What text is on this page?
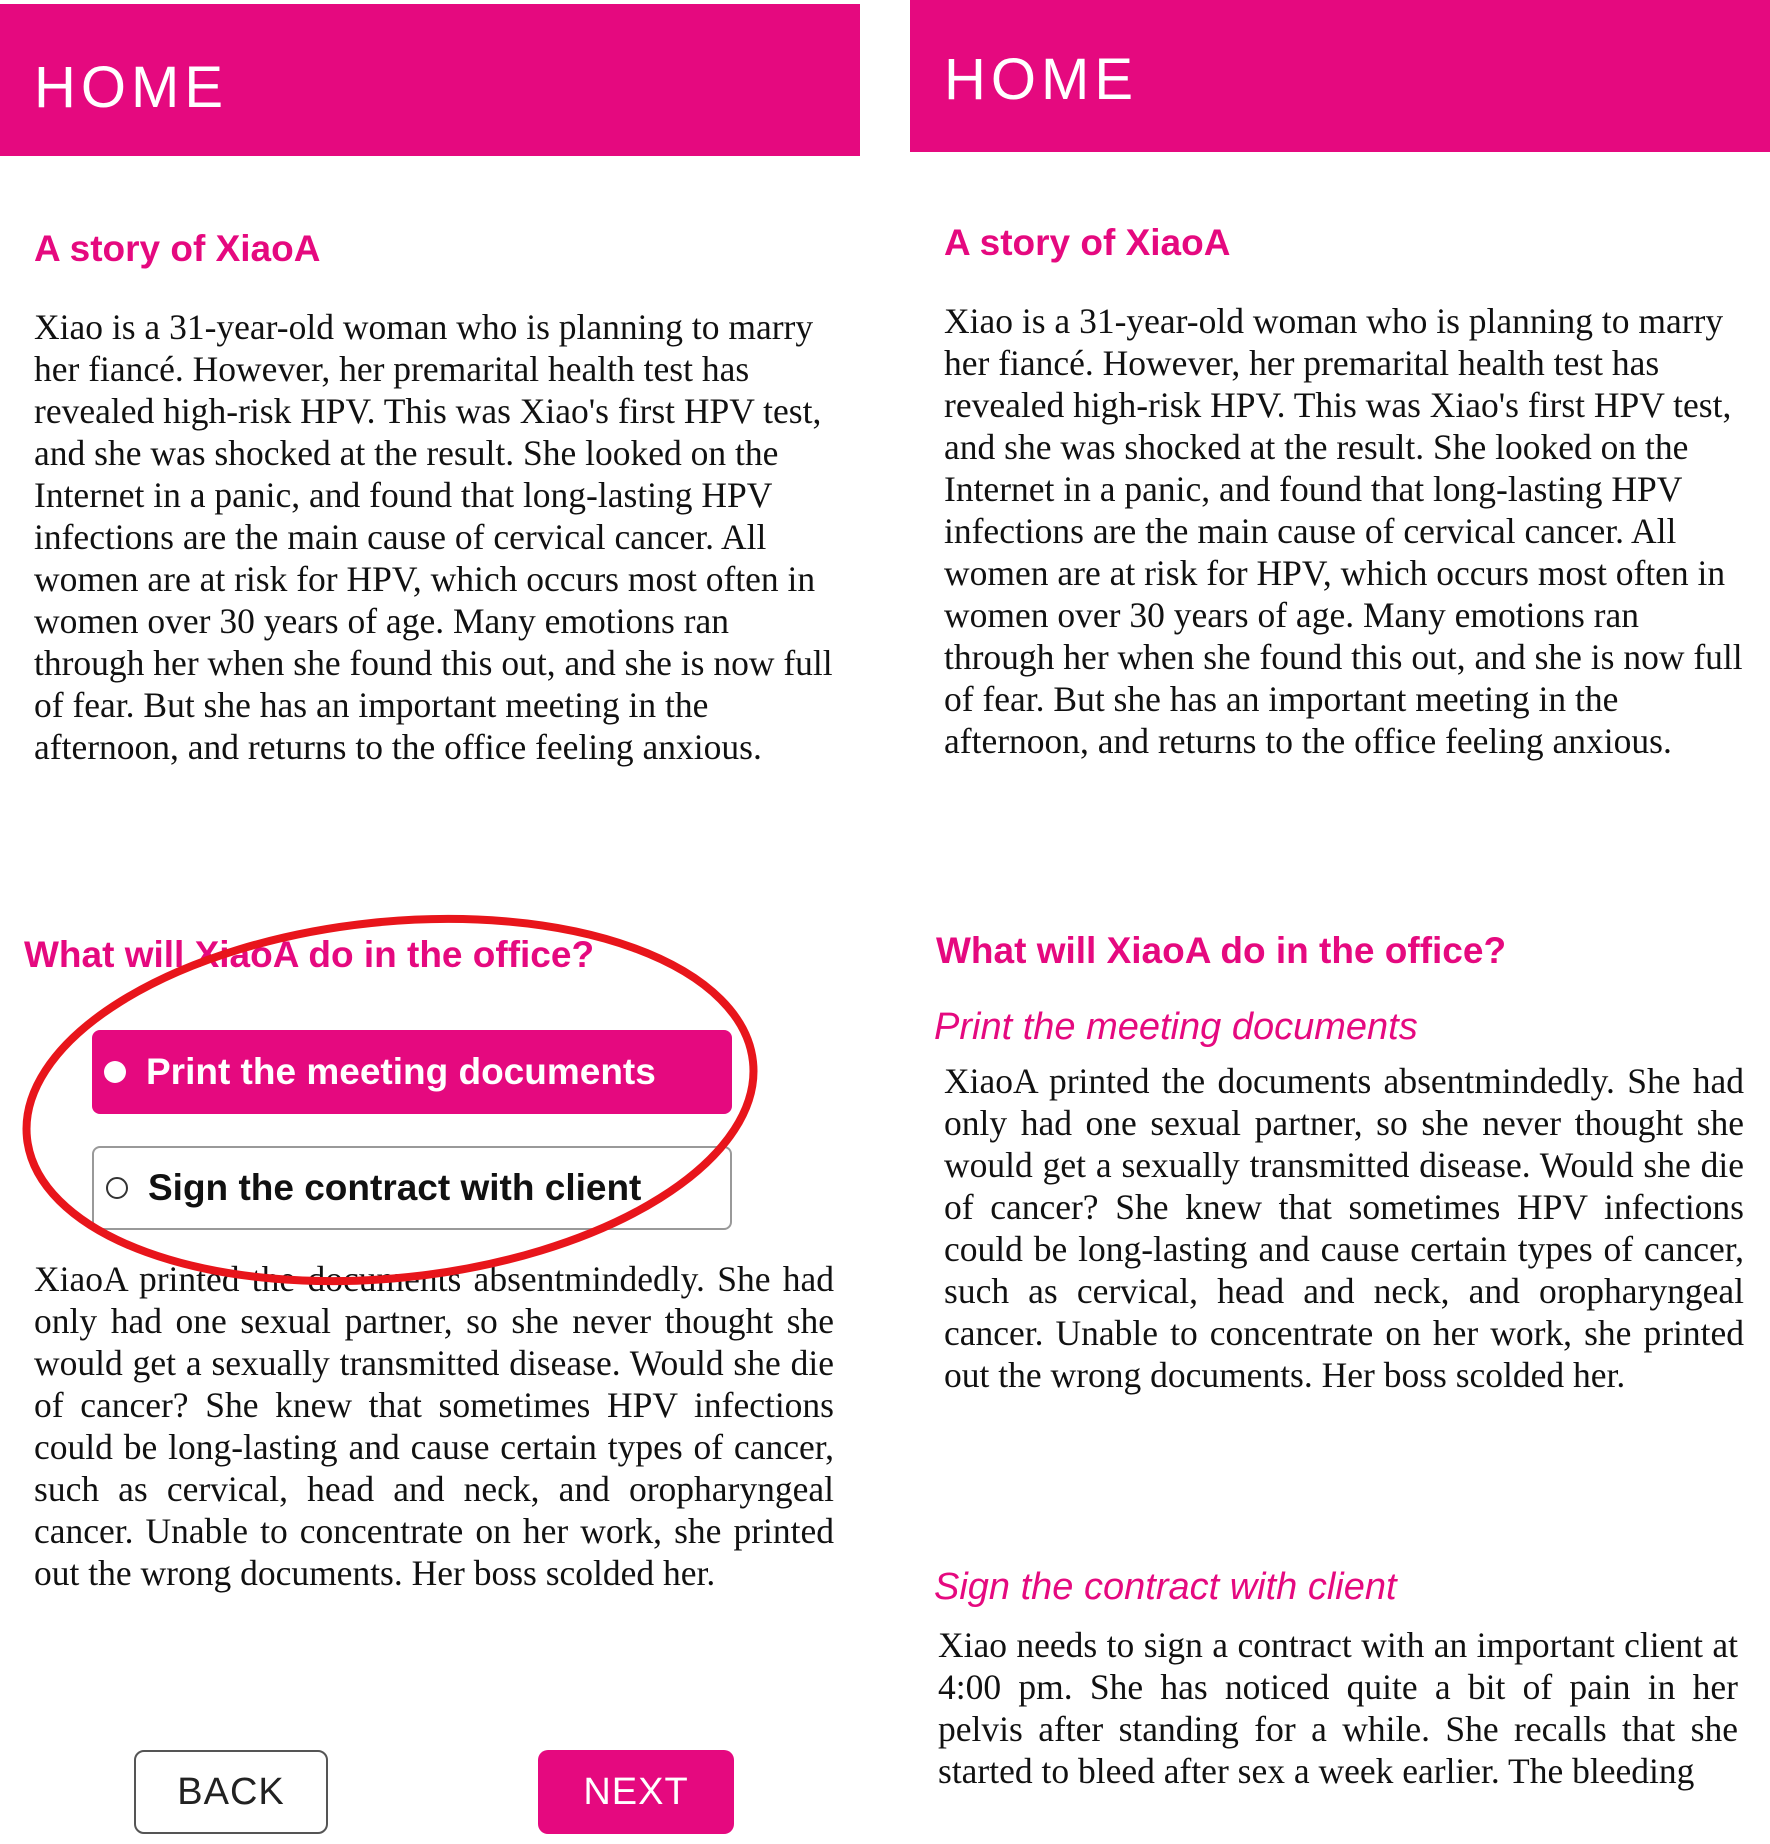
HOME
A story of XiaoA

Xiao is a 31-year-old woman who is planning to marry her fiancé. However, her premarital health test has revealed high-risk HPV. This was Xiao's first HPV test, and she was shocked at the result. She looked on the Internet in a panic, and found that long-lasting HPV infections are the main cause of cervical cancer. All women are at risk for HPV, which occurs most often in women over 30 years of age. Many emotions ran through her when she found this out, and she is now full of fear. But she has an important meeting in the afternoon, and returns to the office feeling anxious.

What will XiaoA do in the office?
Print the meeting documents
Sign the contract with client

XiaoA printed the documents absentmindedly. She had only had one sexual partner, so she never thought she would get a sexually transmitted disease. Would she die of cancer? She knew that sometimes HPV infections could be long-lasting and cause certain types of cancer, such as cervical, head and neck, and oropharyngeal cancer. Unable to concentrate on her work, she printed out the wrong documents. Her boss scolded her.

BACK	NEXT
HOME
A story of XiaoA

Xiao is a 31-year-old woman who is planning to marry her fiancé. However, her premarital health test has revealed high-risk HPV. This was Xiao's first HPV test, and she was shocked at the result. She looked on the Internet in a panic, and found that long-lasting HPV infections are the main cause of cervical cancer. All women are at risk for HPV, which occurs most often in women over 30 years of age. Many emotions ran through her when she found this out, and she is now full of fear. But she has an important meeting in the afternoon, and returns to the office feeling anxious.

What will XiaoA do in the office?
Print the meeting documents

XiaoA printed the documents absentmindedly. She had only had one sexual partner, so she never thought she would get a sexually transmitted disease. Would she die of cancer? She knew that sometimes HPV infections could be long-lasting and cause certain types of cancer, such as cervical, head and neck, and oropharyngeal cancer. Unable to concentrate on her work, she printed out the wrong documents. Her boss scolded her.

Sign the contract with client

Xiao needs to sign a contract with an important client at 4:00 pm. She has noticed quite a bit of pain in her pelvis after standing for a while. She recalls that she started to bleed after sex a week earlier. The bleeding
